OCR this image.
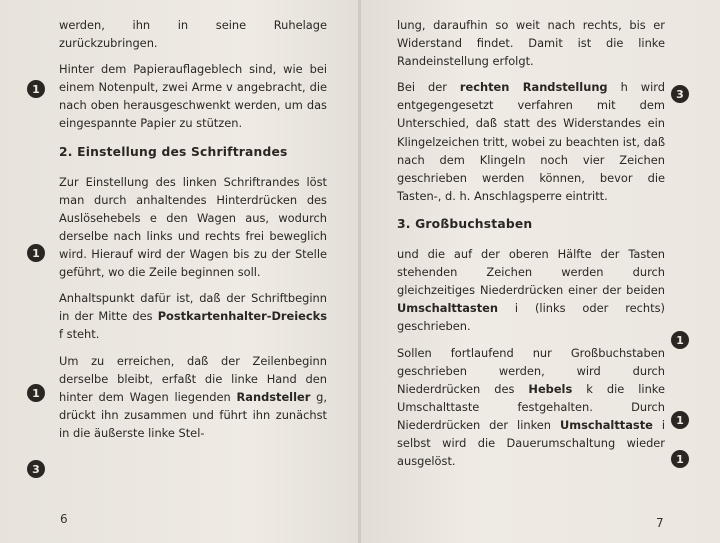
werden, ihn in seine Ruhelage zurückzubringen.

Hinter dem Papierauflageblech sind, wie bei einem Notenpult, zwei Arme v angebracht, die nach oben herausgeschwenkt werden, um das eingespannte Papier zu stützen.

2. Einstellung des Schriftrandes

Zur Einstellung des linken Schriftrandes löst man durch anhaltendes Hinterdrücken des Auslösehebels e den Wagen aus, wodurch derselbe nach links und rechts frei beweglich wird. Hierauf wird der Wagen bis zu der Stelle geführt, wo die Zeile beginnen soll.

Anhaltspunkt dafür ist, daß der Schriftbeginn in der Mitte des Postkartenhalter-Dreiecks f steht.

Um zu erreichen, daß der Zeilenbeginn derselbe bleibt, erfaßt die linke Hand den hinter dem Wagen liegenden Randsteller g, drückt ihn zusammen und führt ihn zunächst in die äußerste linke Stel-

1
1
1
3
6

lung, daraufhin so weit nach rechts, bis er Widerstand findet. Damit ist die linke Randeinstellung erfolgt.

Bei der rechten Randstellung h wird entgegengesetzt verfahren mit dem Unterschied, daß statt des Widerstandes ein Klingelzeichen tritt, wobei zu beachten ist, daß nach dem Klingeln noch vier Zeichen geschrieben werden können, bevor die Tasten-, d. h. Anschlagsperre eintritt.

3. Großbuchstaben

und die auf der oberen Hälfte der Tasten stehenden Zeichen werden durch gleichzeitiges Niederdrücken einer der beiden Umschalttasten i (links oder rechts) geschrieben.

Sollen fortlaufend nur Großbuchstaben geschrieben werden, wird durch Niederdrücken des Hebels k die linke Umschalttaste festgehalten. Durch Niederdrücken der linken Umschalttaste i selbst wird die Dauerumschaltung wieder ausgelöst.

3
1
1
1
7
